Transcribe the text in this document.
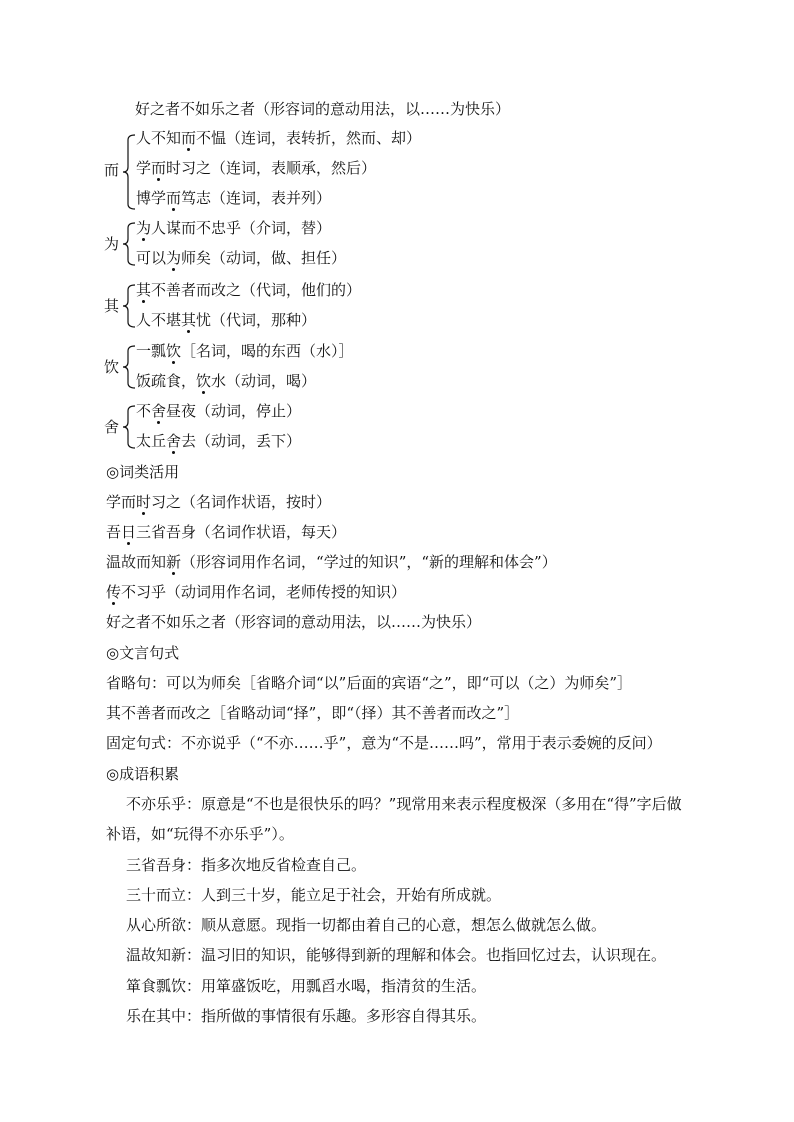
好之者不如乐之者（形容词的意动用法，以……为快乐）
而
人不知而不愠（连词，表转折，然而、却）
学而时习之（连词，表顺承，然后）
博学而笃志（连词，表并列）
为
为人谋而不忠乎（介词，替）
可以为师矣（动词，做、担任）
其
其不善者而改之（代词，他们的）
人不堪其忧（代词，那种）
饮
一瓢饮［名词，喝的东西（水）］
饭疏食，饮水（动词，喝）
舍
不舍昼夜（动词，停止）
太丘舍去（动词，丢下）
◎词类活用
学而时习之（名词作状语，按时）
吾日三省吾身（名词作状语，每天）
温故而知新（形容词用作名词，“学过的知识”，“新的理解和体会”）
传不习乎（动词用作名词，老师传授的知识）
好之者不如乐之者（形容词的意动用法，以……为快乐）
◎文言句式
省略句：可以为师矣［省略介词“以”后面的宾语“之”，即“可以（之）为师矣”］
其不善者而改之［省略动词“择”，即“（择）其不善者而改之”］
固定句式：不亦说乎（“不亦……乎”，意为“不是……吗”，常用于表示委婉的反问）
◎成语积累
不亦乐乎：原意是“不也是很快乐的吗？”现常用来表示程度极深（多用在“得”字后做补语，如“玩得不亦乐乎”）。
三省吾身：指多次地反省检查自己。
三十而立：人到三十岁，能立足于社会，开始有所成就。
从心所欲：顺从意愿。现指一切都由着自己的心意，想怎么做就怎么做。
温故知新：温习旧的知识，能够得到新的理解和体会。也指回忆过去，认识现在。
箪食瓢饮：用箪盛饭吃，用瓢舀水喝，指清贫的生活。
乐在其中：指所做的事情很有乐趣。多形容自得其乐。
